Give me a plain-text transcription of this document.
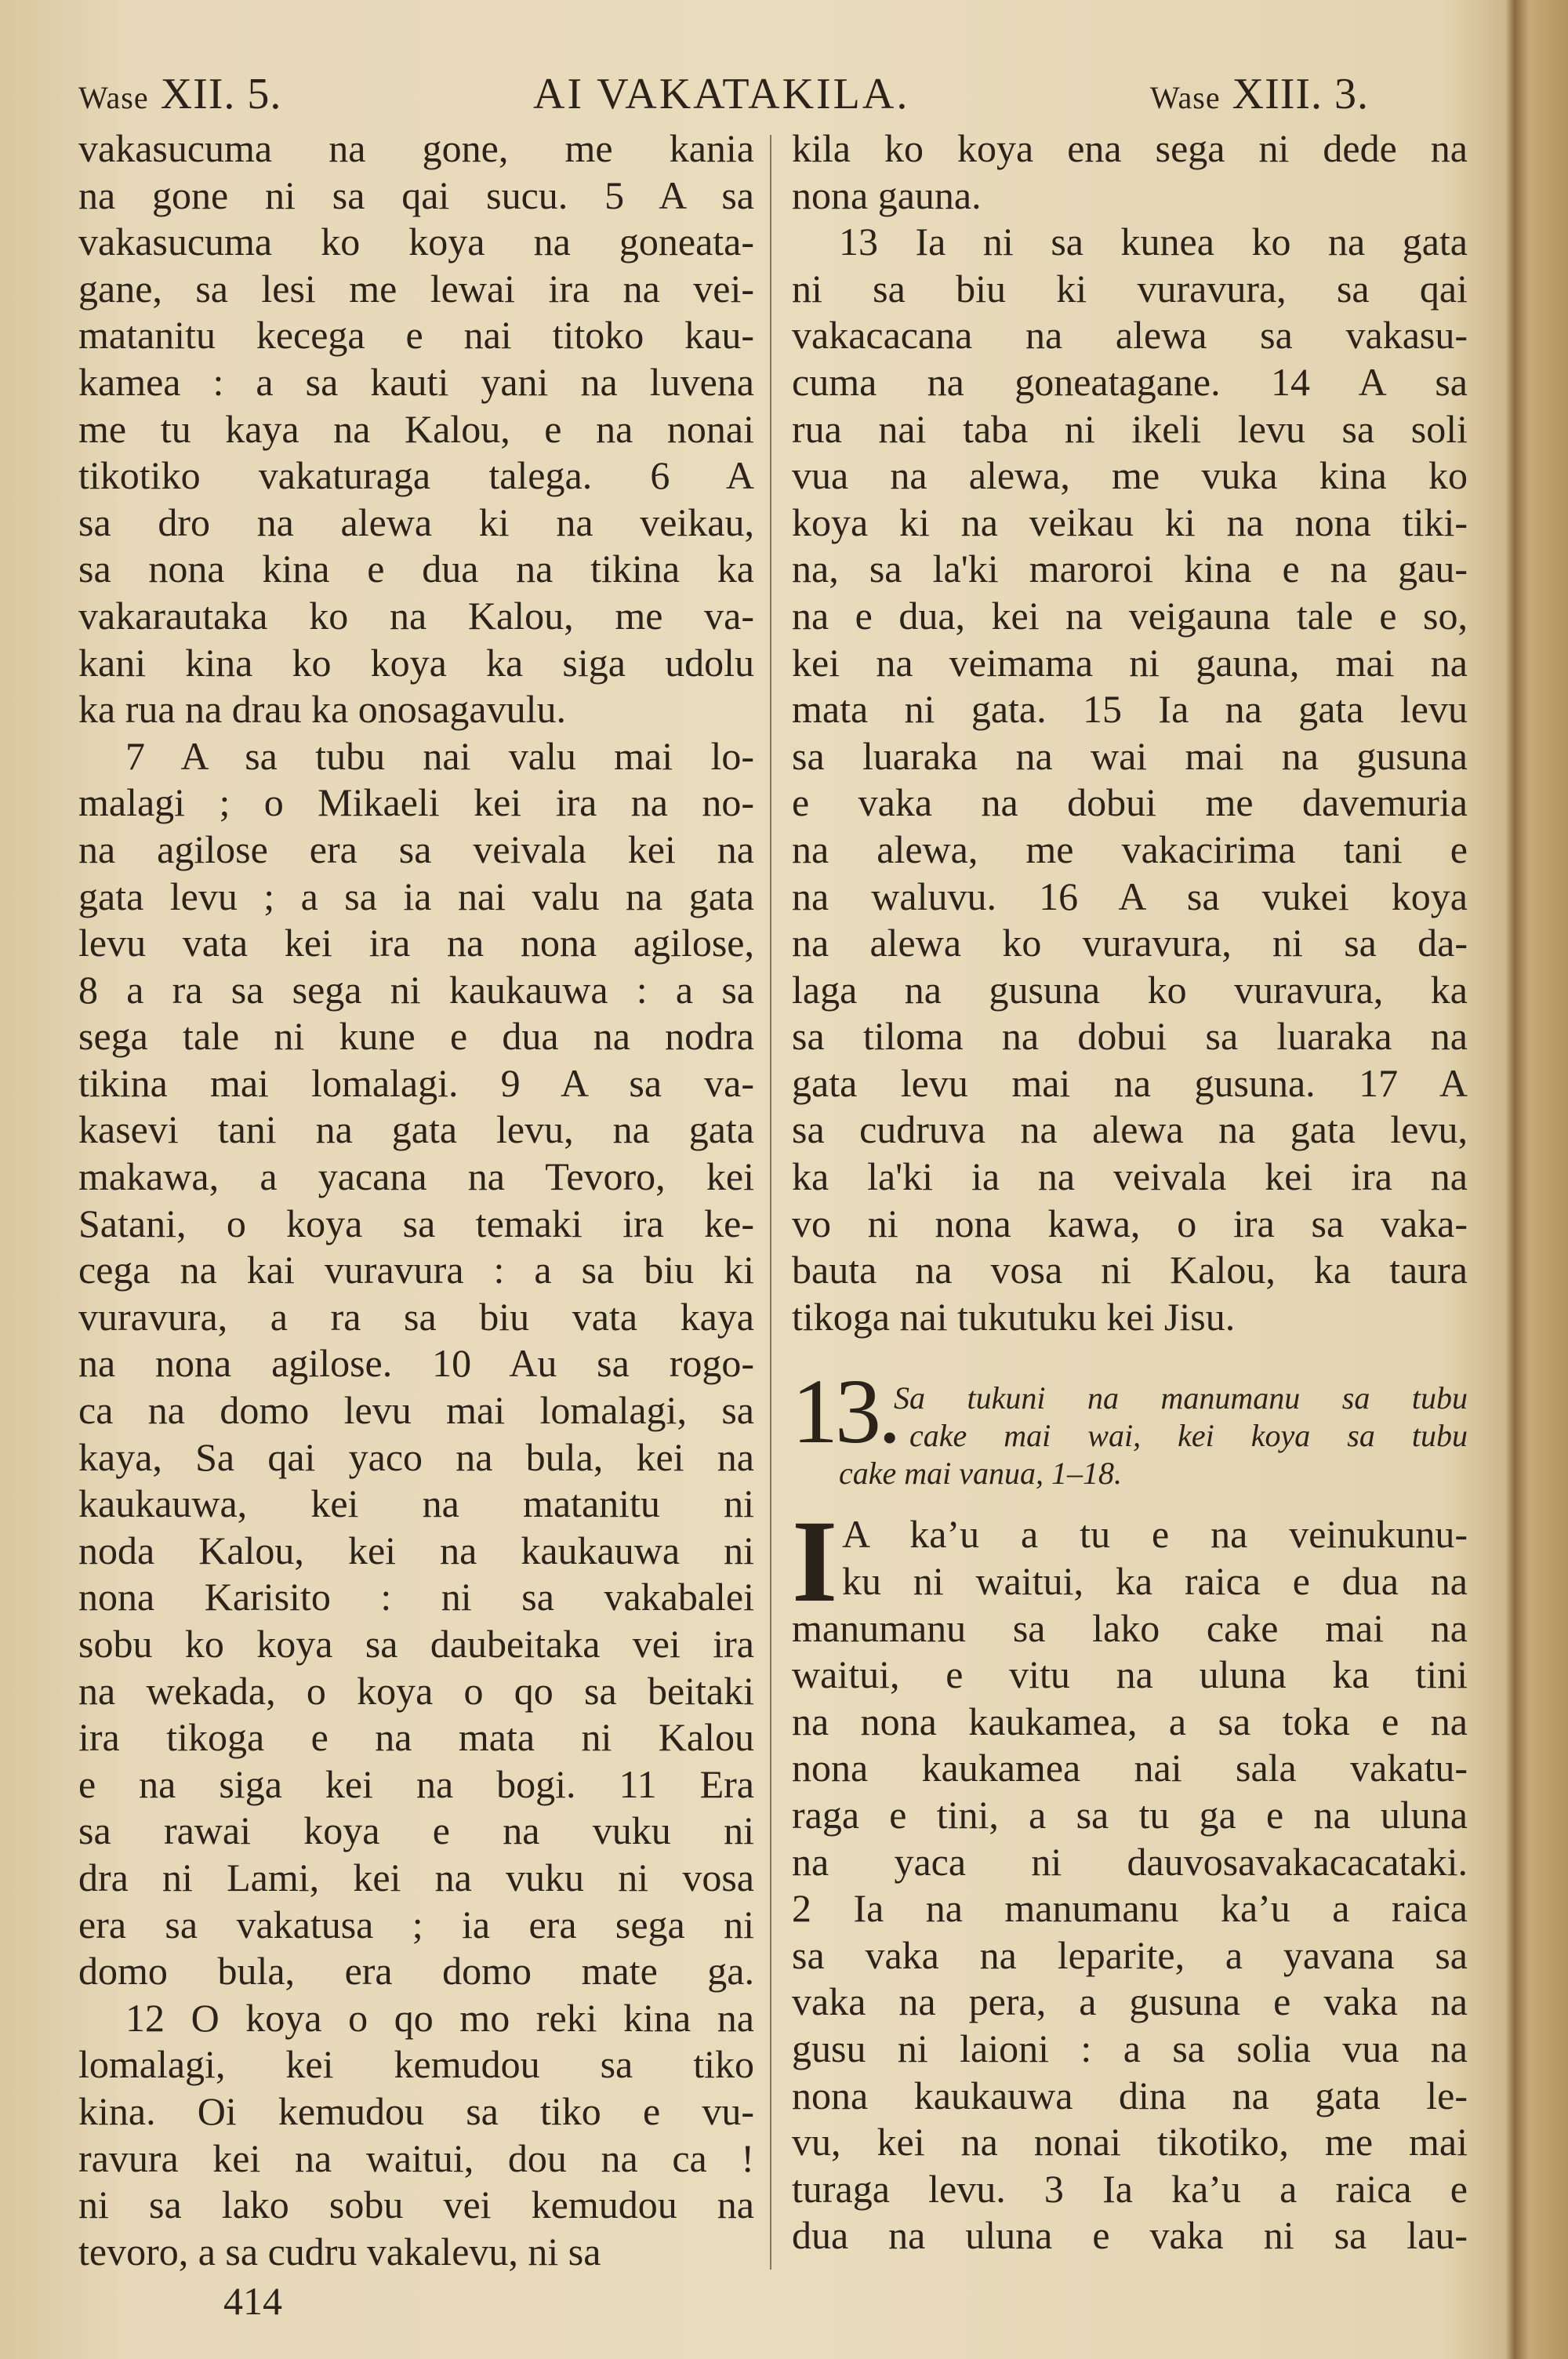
Wase XII. 5.	AI VAKATAKILA.	Wase XIII. 3.
vakasucuma na gone, me kania
na gone ni sa qai sucu. 5 A sa
vakasucuma ko koya na goneata-
gane, sa lesi me lewai ira na vei-
matanitu kecega e nai titoko kau-
kamea : a sa kauti yani na luvena
me tu kaya na Kalou, e na nonai
tikotiko vakaturaga talega. 6 A
sa dro na alewa ki na veikau,
sa nona kina e dua na tikina ka
vakarautaka ko na Kalou, me va-
kani kina ko koya ka siga udolu
ka rua na drau ka onosagavulu.
7 A sa tubu nai valu mai lo-
malagi ; o Mikaeli kei ira na no-
na agilose era sa veivala kei na
gata levu ; a sa ia nai valu na gata
levu vata kei ira na nona agilose,
8 a ra sa sega ni kaukauwa : a sa
sega tale ni kune e dua na nodra
tikina mai lomalagi. 9 A sa va-
kasevi tani na gata levu, na gata
makawa, a yacana na Tevoro, kei
Satani, o koya sa temaki ira ke-
cega na kai vuravura : a sa biu ki
vuravura, a ra sa biu vata kaya
na nona agilose. 10 Au sa rogo-
ca na domo levu mai lomalagi, sa
kaya, Sa qai yaco na bula, kei na
kaukauwa, kei na matanitu ni
noda Kalou, kei na kaukauwa ni
nona Karisito : ni sa vakabalei
sobu ko koya sa daubeitaka vei ira
na wekada, o koya o qo sa beitaki
ira tikoga e na mata ni Kalou
e na siga kei na bogi. 11 Era
sa rawai koya e na vuku ni
dra ni Lami, kei na vuku ni vosa
era sa vakatusa ; ia era sega ni
domo bula, era domo mate ga.
12 O koya o qo mo reki kina na
lomalagi, kei kemudou sa tiko
kina. Oi kemudou sa tiko e vu-
ravura kei na waitui, dou na ca !
ni sa lako sobu vei kemudou na
tevoro, a sa cudru vakalevu, ni sa
kila ko koya ena sega ni dede na
nona gauna.
13 Ia ni sa kunea ko na gata
ni sa biu ki vuravura, sa qai
vakacacana na alewa sa vakasu-
cuma na goneatagane. 14 A sa
rua nai taba ni ikeli levu sa soli
vua na alewa, me vuka kina ko
koya ki na veikau ki na nona tiki-
na, sa la'ki maroroi kina e na gau-
na e dua, kei na veigauna tale e so,
kei na veimama ni gauna, mai na
mata ni gata. 15 Ia na gata levu
sa luaraka na wai mai na gusuna
e vaka na dobui me davemuria
na alewa, me vakacirima tani e
na waluvu. 16 A sa vukei koya
na alewa ko vuravura, ni sa da-
laga na gusuna ko vuravura, ka
sa tiloma na dobui sa luaraka na
gata levu mai na gusuna. 17 A
sa cudruva na alewa na gata levu,
ka la'ki ia na veivala kei ira na
vo ni nona kawa, o ira sa vaka-
bauta na vosa ni Kalou, ka taura
tikoga nai tukutuku kei Jisu.
13.
Sa tukuni na manumanu sa tubu
cake mai wai, kei koya sa tubu
cake mai vanua, 1–18.
I A ka’u a tu e na veinukunu-
ku ni waitui, ka raica e dua na
manumanu sa lako cake mai na
waitui, e vitu na uluna ka tini
na nona kaukamea, a sa toka e na
nona kaukamea nai sala vakatu-
raga e tini, a sa tu ga e na uluna
na yaca ni dauvosavakacacataki.
2 Ia na manumanu ka’u a raica
sa vaka na leparite, a yavana sa
vaka na pera, a gusuna e vaka na
gusu ni laioni : a sa solia vua na
nona kaukauwa dina na gata le-
vu, kei na nonai tikotiko, me mai
turaga levu. 3 Ia ka’u a raica e
dua na uluna e vaka ni sa lau-
414
